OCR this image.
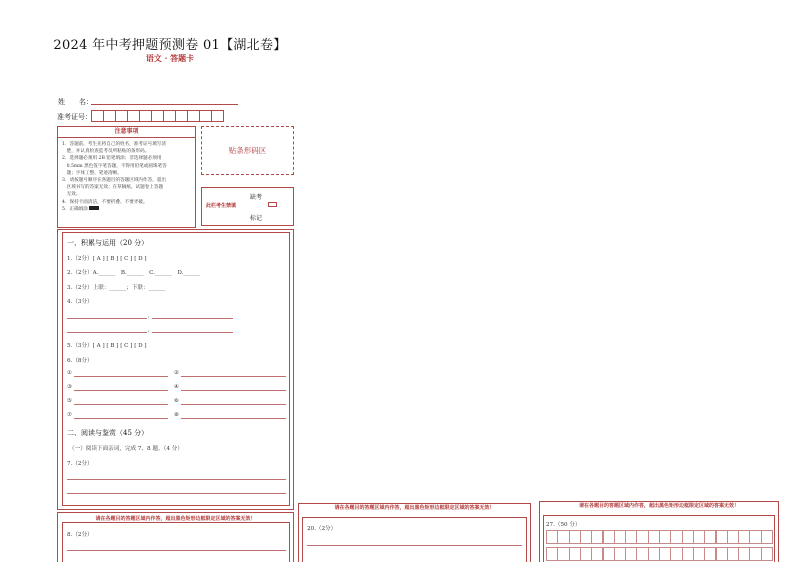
2024 年中考押题预测卷 01【湖北卷】
语文 · 答题卡
姓　　名：
准考证号：
注意事项
1．答题前，考生先将自己的姓名，准考证号填写清
　楚，并认真检查监考员所粘贴的条形码。
2．选择题必须用 2B 铅笔填涂；非选择题必须用
　0.5mm 黑色签字笔答题，不得用铅笔或圆珠笔答
　题；字体工整、笔迹清晰。
3．请按题号顺序在各题目的答题区域内作答，超出
　区域书写的答案无效；在草稿纸、试题卷上答题
　无效。
4．保持卡面清洁，不要折叠、不要弄破。
5．正确填涂
贴条形码区
缺考
此栏考生禁填
标记
一、积累与运用（20 分）
1.（2分）[ A ] [ B ] [ C ] [ D ]
2.（2分）A.______　B.______　C.______　D.______
3.（2分）上联：______；下联：______
4.（3分）
,
,
5.（3分）[ A ] [ B ] [ C ] [ D ]
6.（8分）
①	②
③	④
⑤	⑥
⑦	⑧
二、阅读与鉴赏（45 分）
（一）阅读下面亲词，完成 7、8 题。（4 分）
7.（2分）
请在各题目的答题区域内作答，超出黑色矩形边框限定区域的答案无效！
8.（2分）
请在各题目的答题区域内作答，超出黑色矩形边框限定区域的答案无效！
20.（2分）
请在各题目的答题区域内作答，超出黑色矩形边框限定区域的答案无效！
27.（50 分）
